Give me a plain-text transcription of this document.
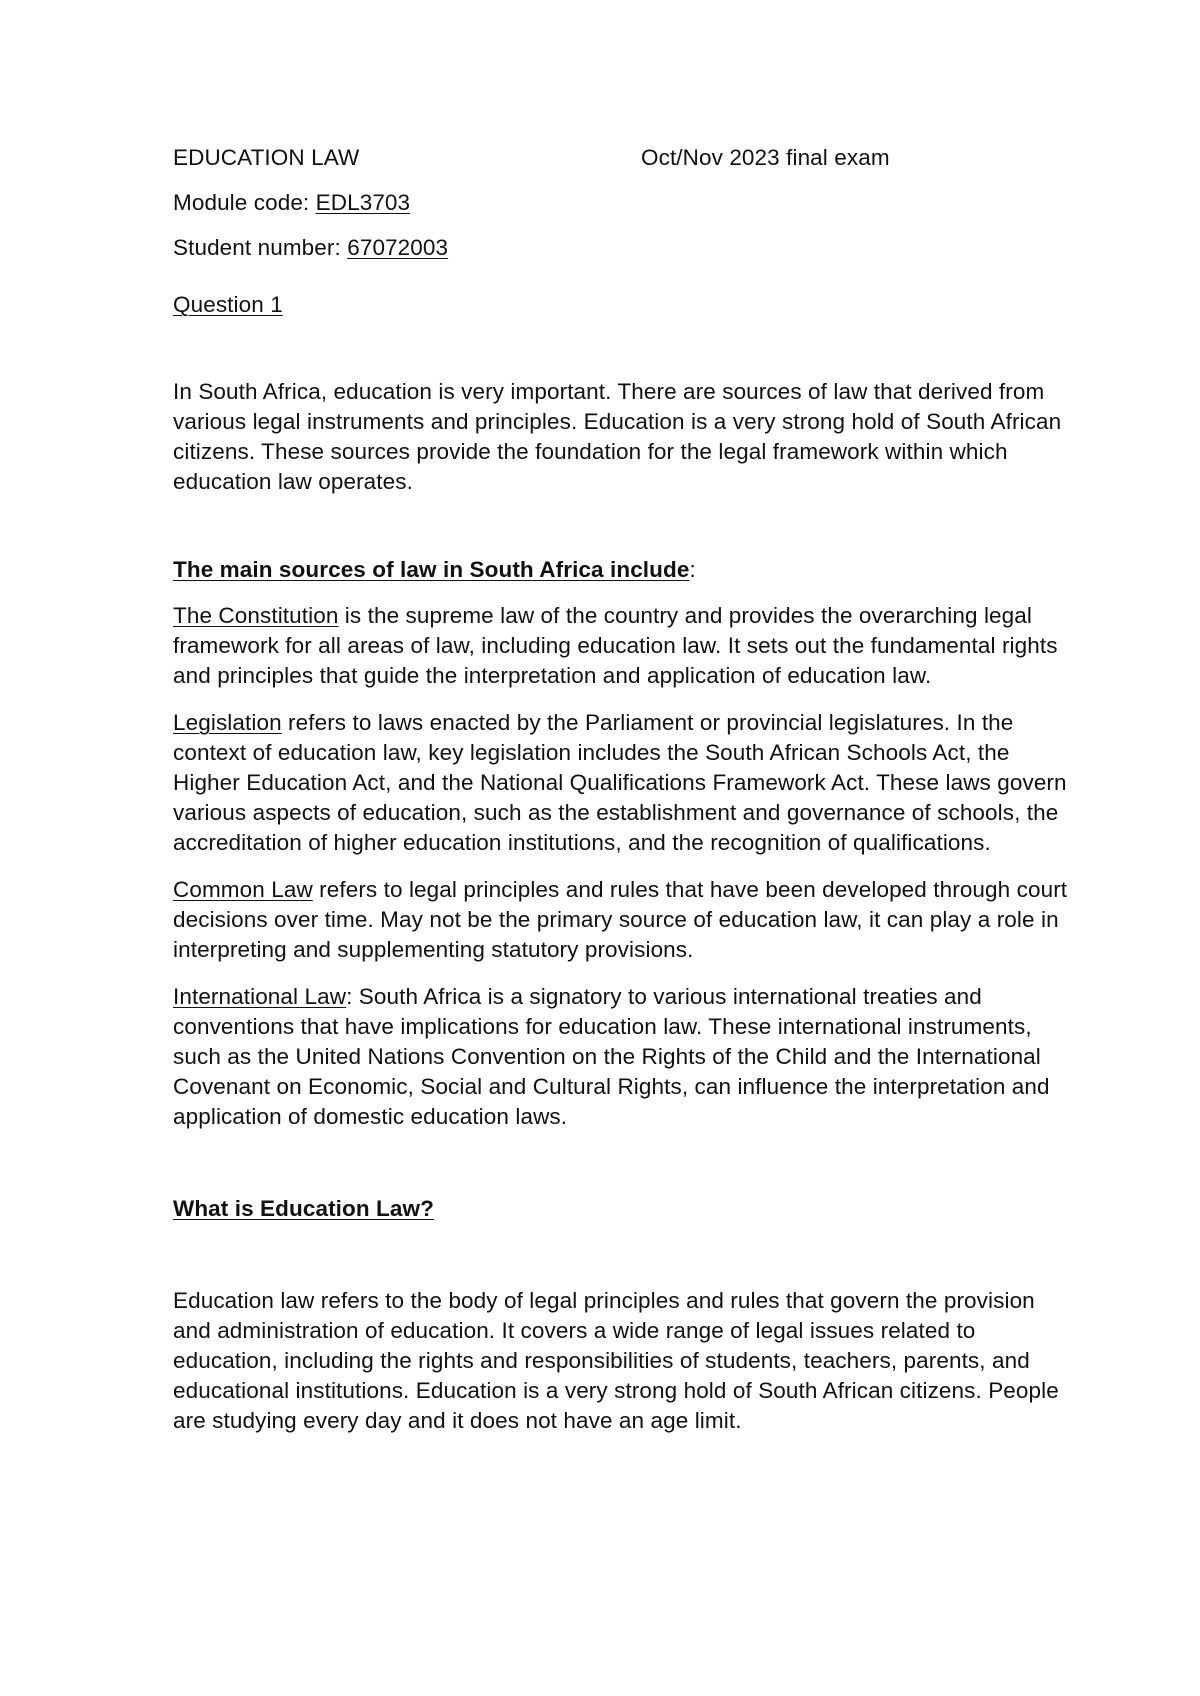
EDUCATION LAW	Oct/Nov 2023 final exam
Module code: EDL3703
Student number: 67072003

Question 1

In South Africa, education is very important. There are sources of law that derived from various legal instruments and principles. Education is a very strong hold of South African citizens. These sources provide the foundation for the legal framework within which education law operates.

The main sources of law in South Africa include:

The Constitution is the supreme law of the country and provides the overarching legal framework for all areas of law, including education law. It sets out the fundamental rights and principles that guide the interpretation and application of education law.

Legislation refers to laws enacted by the Parliament or provincial legislatures. In the context of education law, key legislation includes the South African Schools Act, the Higher Education Act, and the National Qualifications Framework Act. These laws govern various aspects of education, such as the establishment and governance of schools, the accreditation of higher education institutions, and the recognition of qualifications.

Common Law refers to legal principles and rules that have been developed through court decisions over time. May not be the primary source of education law, it can play a role in interpreting and supplementing statutory provisions.

International Law: South Africa is a signatory to various international treaties and conventions that have implications for education law. These international instruments, such as the United Nations Convention on the Rights of the Child and the International Covenant on Economic, Social and Cultural Rights, can influence the interpretation and application of domestic education laws.

What is Education Law?

Education law refers to the body of legal principles and rules that govern the provision and administration of education. It covers a wide range of legal issues related to education, including the rights and responsibilities of students, teachers, parents, and educational institutions. Education is a very strong hold of South African citizens. People are studying every day and it does not have an age limit.
